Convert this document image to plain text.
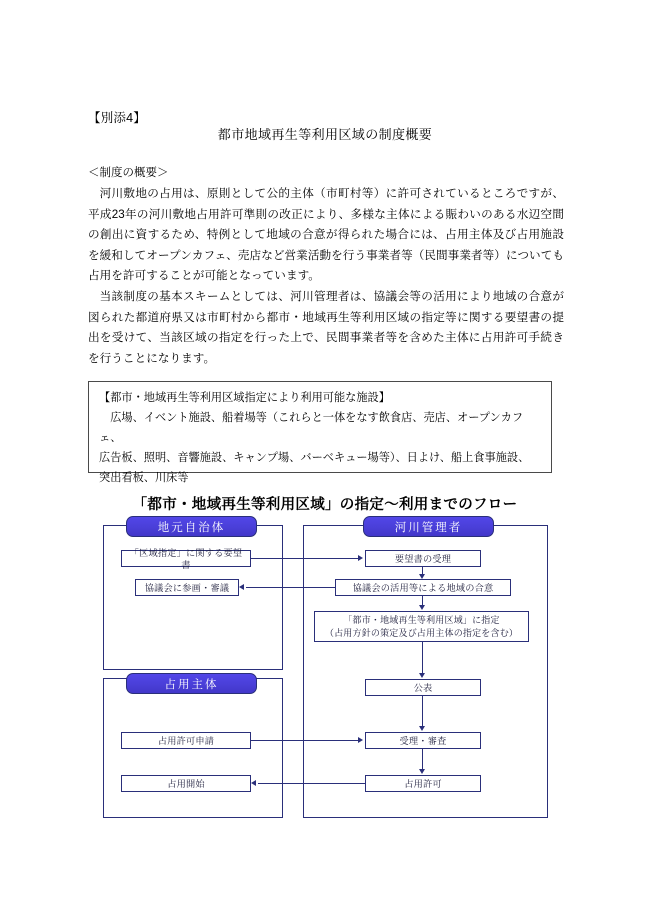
【別添4】
都市地域再生等利用区域の制度概要
＜制度の概要＞

河川敷地の占用は、原則として公的主体（市町村等）に許可されているところですが、平成23年の河川敷地占用許可準則の改正により、多様な主体による賑わいのある水辺空間の創出に資するため、特例として地域の合意が得られた場合には、占用主体及び占用施設を緩和してオープンカフェ、売店など営業活動を行う事業者等（民間事業者等）についても占用を許可することが可能となっています。

当該制度の基本スキームとしては、河川管理者は、協議会等の活用により地域の合意が図られた都道府県又は市町村から都市・地域再生等利用区域の指定等に関する要望書の提出を受けて、当該区域の指定を行った上で、民間事業者等を含めた主体に占用許可手続きを行うことになります。

【都市・地域再生等利用区域指定により利用可能な施設】
広場、イベント施設、船着場等（これらと一体をなす飲食店、売店、オープンカフェ、
広告板、照明、音響施設、キャンプ場、バーベキュー場等）、日よけ、船上食事施設、
突出看板、川床等
「都市・地域再生等利用区域」の指定～利用までのフロー
地元自治体	河川管理者
占用主体
「区域指定」に関する要望書
協議会に参画・審議
占用許可申請
占用開始
要望書の受理
協議会の活用等による地域の合意
「都市・地域再生等利用区域」に指定
（占用方針の策定及び占用主体の指定を含む）
公表
受理・審査
占用許可
